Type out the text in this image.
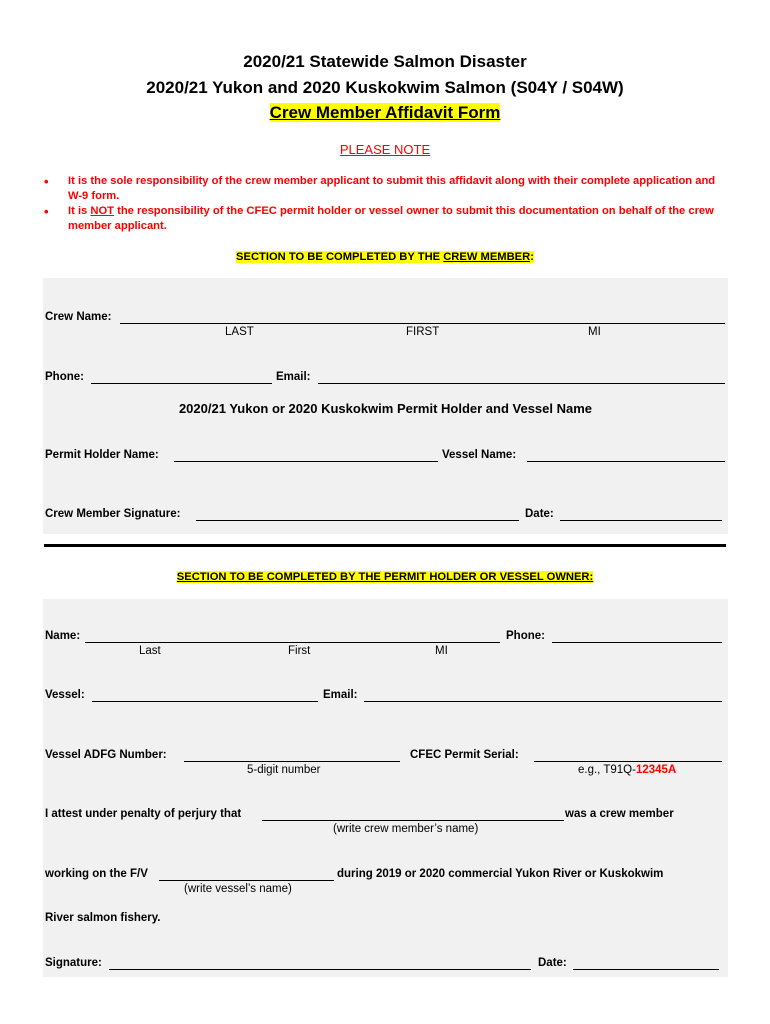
2020/21 Statewide Salmon Disaster
2020/21 Yukon and 2020 Kuskokwim Salmon (S04Y / S04W)
Crew Member Affidavit Form
PLEASE NOTE
• It is the sole responsibility of the crew member applicant to submit this affidavit along with their complete application and W-9 form.
• It is NOT the responsibility of the CFEC permit holder or vessel owner to submit this documentation on behalf of the crew member applicant.
SECTION TO BE COMPLETED BY THE CREW MEMBER:
Crew Name:
LAST	FIRST	MI
Phone:	Email:
2020/21 Yukon or 2020 Kuskokwim Permit Holder and Vessel Name
Permit Holder Name:	Vessel Name:
Crew Member Signature:	Date:
SECTION TO BE COMPLETED BY THE PERMIT HOLDER OR VESSEL OWNER:
Name:	Phone:
Last	First	MI
Vessel:	Email:
Vessel ADFG Number:
5-digit number
CFEC Permit Serial:
e.g., T91Q-12345A
I attest under penalty of perjury that	was a crew member
(write crew member’s name)
working on the F/V	during 2019 or 2020 commercial Yukon River or Kuskokwim
(write vessel’s name)
River salmon fishery.
Signature:	Date:
